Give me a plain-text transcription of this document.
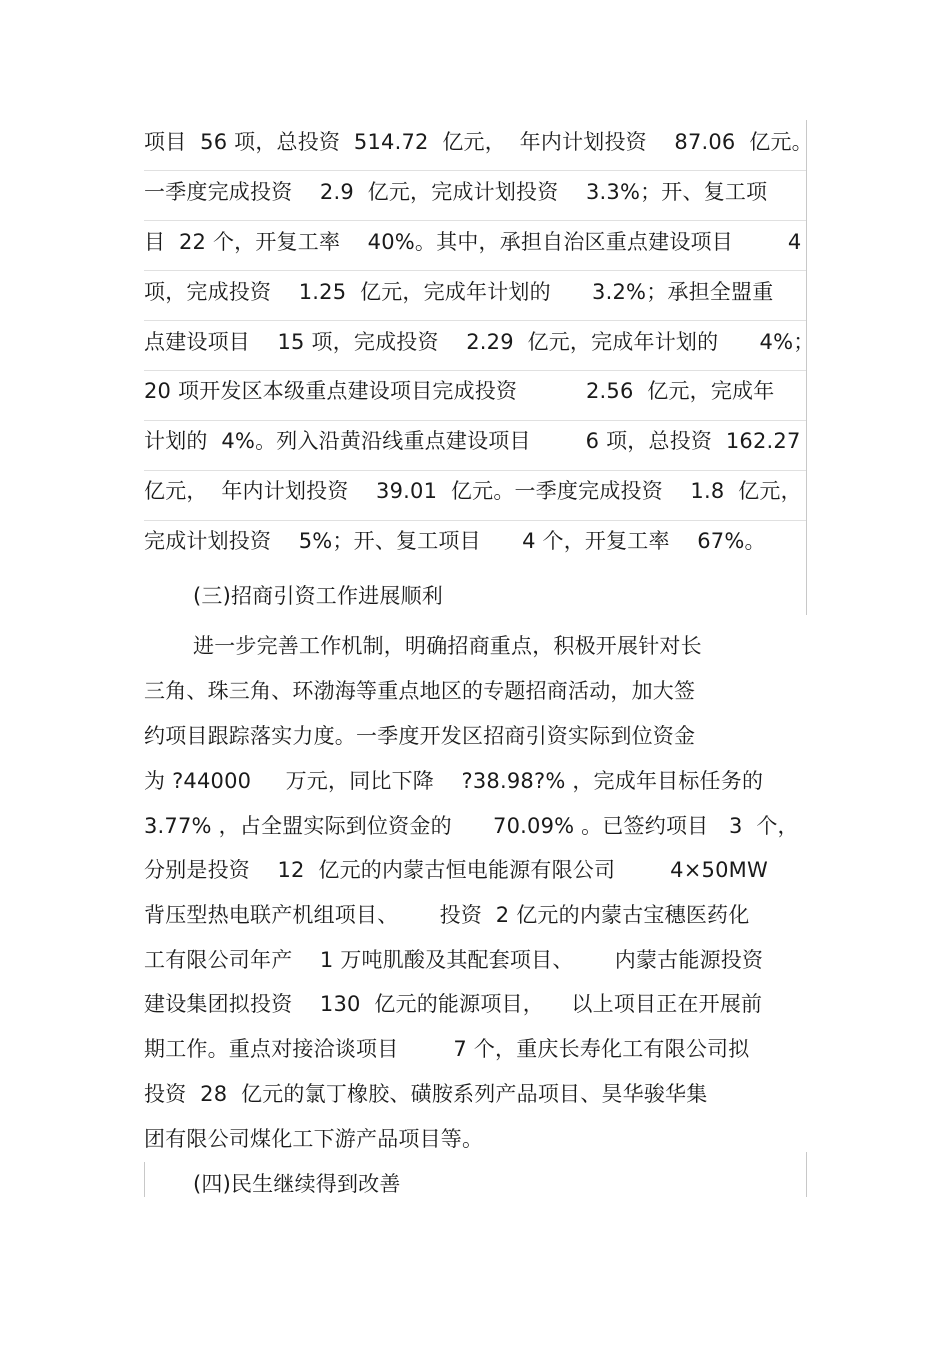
项目  56 项，总投资  514.72  亿元，  年内计划投资    87.06  亿元。
一季度完成投资    2.9  亿元，完成计划投资    3.3%；开、复工项
目  22 个，开复工率    40%。其中，承担自治区重点建设项目        4
项，完成投资    1.25  亿元，完成年计划的      3.2%；承担全盟重
点建设项目    15 项，完成投资    2.29  亿元，完成年计划的      4%；
20 项开发区本级重点建设项目完成投资          2.56  亿元，完成年
计划的  4%。列入沿黄沿线重点建设项目        6 项，总投资  162.27
亿元，  年内计划投资    39.01  亿元。一季度完成投资    1.8  亿元，
完成计划投资    5%；开、复工项目      4 个，开复工率    67%。
(三)招商引资工作进展顺利
进一步完善工作机制，明确招商重点，积极开展针对长
三角、珠三角、环渤海等重点地区的专题招商活动，加大签
约项目跟踪落实力度。一季度开发区招商引资实际到位资金
为 ?44000     万元，同比下降    ?38.98?% ，完成年目标任务的
3.77% ，占全盟实际到位资金的      70.09% 。已签约项目   3  个，
分别是投资    12  亿元的内蒙古恒电能源有限公司        4×50MW
背压型热电联产机组项目、      投资  2 亿元的内蒙古宝穗医药化
工有限公司年产    1 万吨肌酸及其配套项目、      内蒙古能源投资
建设集团拟投资    130  亿元的能源项目，    以上项目正在开展前
期工作。重点对接洽谈项目        7 个，重庆长寿化工有限公司拟
投资  28  亿元的氯丁橡胶、磺胺系列产品项目、昊华骏华集
团有限公司煤化工下游产品项目等。
(四)民生继续得到改善
